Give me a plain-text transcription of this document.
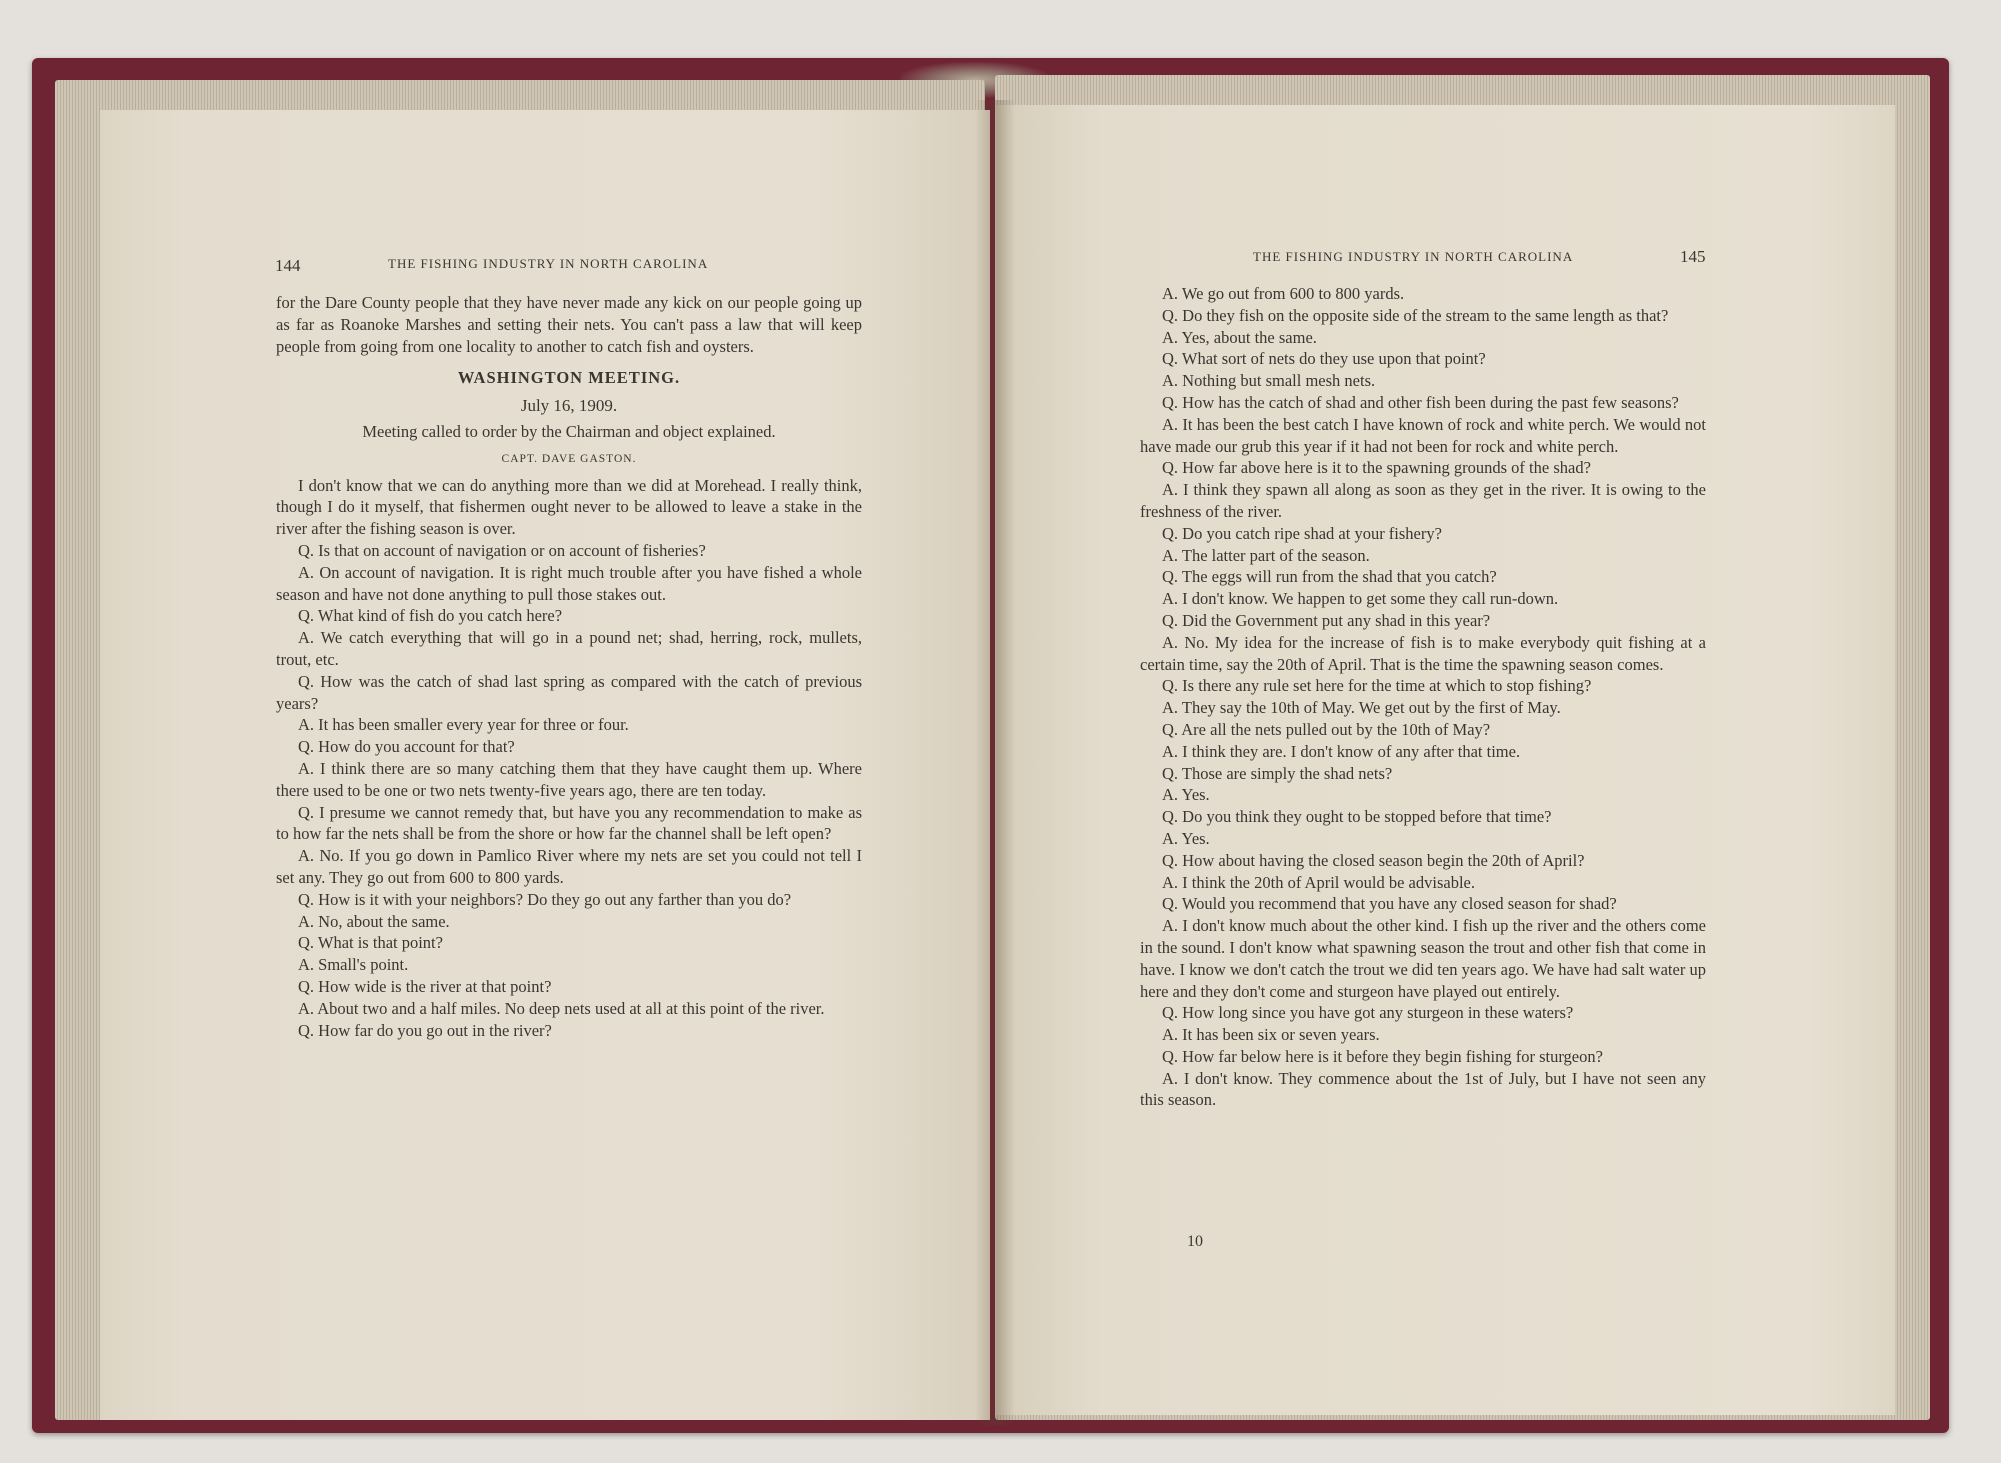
144	THE FISHING INDUSTRY IN NORTH CAROLINA

for the Dare County people that they have never made any kick on our people going up as far as Roanoke Marshes and setting their nets. You can't pass a law that will keep people from going from one locality to another to catch fish and oysters.

WASHINGTON MEETING.

July 16, 1909.

Meeting called to order by the Chairman and object explained.

CAPT. DAVE GASTON.

I don't know that we can do anything more than we did at Morehead. I really think, though I do it myself, that fishermen ought never to be allowed to leave a stake in the river after the fishing season is over.

Q. Is that on account of navigation or on account of fisheries?

A. On account of navigation. It is right much trouble after you have fished a whole season and have not done anything to pull those stakes out.

Q. What kind of fish do you catch here?

A. We catch everything that will go in a pound net; shad, herring, rock, mullets, trout, etc.

Q. How was the catch of shad last spring as compared with the catch of previous years?

A. It has been smaller every year for three or four.

Q. How do you account for that?

A. I think there are so many catching them that they have caught them up. Where there used to be one or two nets twenty-five years ago, there are ten today.

Q. I presume we cannot remedy that, but have you any recommendation to make as to how far the nets shall be from the shore or how far the channel shall be left open?

A. No. If you go down in Pamlico River where my nets are set you could not tell I set any. They go out from 600 to 800 yards.

Q. How is it with your neighbors? Do they go out any farther than you do?

A. No, about the same.

Q. What is that point?

A. Small's point.

Q. How wide is the river at that point?

A. About two and a half miles. No deep nets used at all at this point of the river.

Q. How far do you go out in the river?

THE FISHING INDUSTRY IN NORTH CAROLINA	145

A. We go out from 600 to 800 yards.

Q. Do they fish on the opposite side of the stream to the same length as that?

A. Yes, about the same.

Q. What sort of nets do they use upon that point?

A. Nothing but small mesh nets.

Q. How has the catch of shad and other fish been during the past few seasons?

A. It has been the best catch I have known of rock and white perch. We would not have made our grub this year if it had not been for rock and white perch.

Q. How far above here is it to the spawning grounds of the shad?

A. I think they spawn all along as soon as they get in the river. It is owing to the freshness of the river.

Q. Do you catch ripe shad at your fishery?

A. The latter part of the season.

Q. The eggs will run from the shad that you catch?

A. I don't know. We happen to get some they call run-down.

Q. Did the Government put any shad in this year?

A. No. My idea for the increase of fish is to make everybody quit fishing at a certain time, say the 20th of April. That is the time the spawning season comes.

Q. Is there any rule set here for the time at which to stop fishing?

A. They say the 10th of May. We get out by the first of May.

Q. Are all the nets pulled out by the 10th of May?

A. I think they are. I don't know of any after that time.

Q. Those are simply the shad nets?

A. Yes.

Q. Do you think they ought to be stopped before that time?

A. Yes.

Q. How about having the closed season begin the 20th of April?

A. I think the 20th of April would be advisable.

Q. Would you recommend that you have any closed season for shad?

A. I don't know much about the other kind. I fish up the river and the others come in the sound. I don't know what spawning season the trout and other fish that come in have. I know we don't catch the trout we did ten years ago. We have had salt water up here and they don't come and sturgeon have played out entirely.

Q. How long since you have got any sturgeon in these waters?

A. It has been six or seven years.

Q. How far below here is it before they begin fishing for sturgeon?

A. I don't know. They commence about the 1st of July, but I have not seen any this season.

10
